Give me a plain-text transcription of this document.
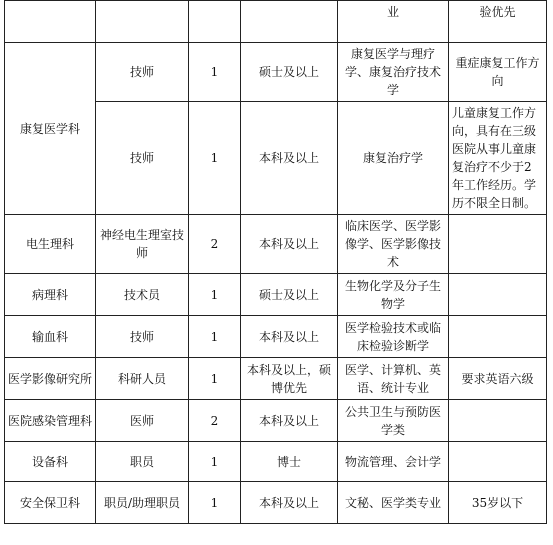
				业	验优先
康复医学科	技师	1	硕士及以上	康复医学与理疗学、康复治疗技术学	重症康复工作方向
	技师	1	本科及以上	康复治疗学	儿童康复工作方向，具有在三级医院从事儿童康复治疗不少于2年工作经历。学历不限全日制。
电生理科	神经电生理室技师	2	本科及以上	临床医学、医学影像学、医学影像技术	
病理科	技术员	1	硕士及以上	生物化学及分子生物学	
输血科	技师	1	本科及以上	医学检验技术或临床检验诊断学	
医学影像研究所	科研人员	1	本科及以上，硕博优先	医学、计算机、英语、统计专业	要求英语六级
医院感染管理科	医师	2	本科及以上	公共卫生与预防医学类	
设备科	职员	1	博士	物流管理、会计学	
安全保卫科	职员/助理职员	1	本科及以上	文秘、医学类专业	35岁以下
